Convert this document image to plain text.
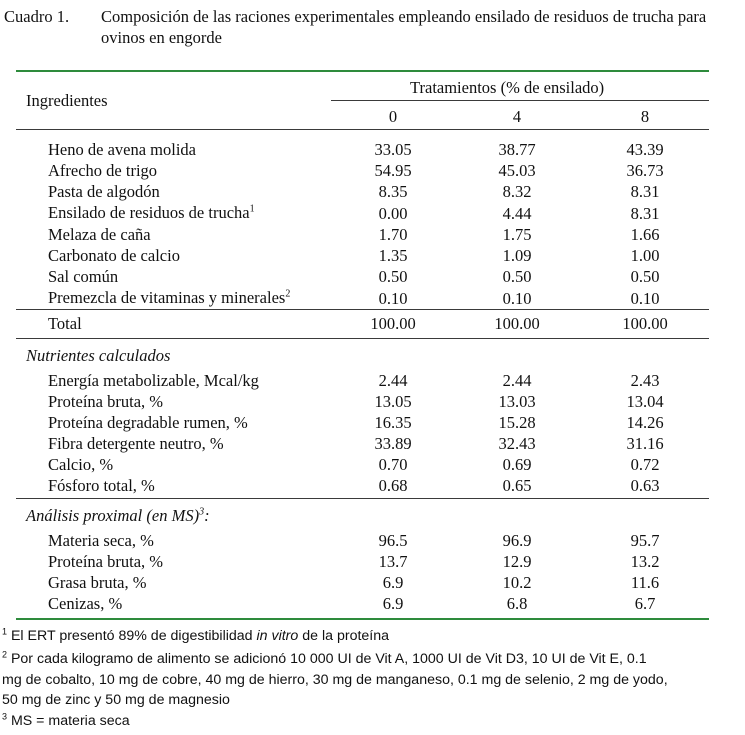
Cuadro 1. Composición de las raciones experimentales empleando ensilado de residuos de trucha para ovinos en engorde
Ingredientes
Tratamientos (% de ensilado)
0	4	8
Heno de avena molida	33.05	38.77	43.39
Afrecho de trigo	54.95	45.03	36.73
Pasta de algodón	8.35	8.32	8.31
Ensilado de residuos de trucha$^1$	0.00	4.44	8.31
Melaza de caña	1.70	1.75	1.66
Carbonato de calcio	1.35	1.09	1.00
Sal común	0.50	0.50	0.50
Premezcla de vitaminas y minerales$^2$	0.10	0.10	0.10
Total	100.00	100.00	100.00
Nutrientes calculados
Energía metabolizable, Mcal/kg	2.44	2.44	2.43
Proteína bruta, %	13.05	13.03	13.04
Proteína degradable rumen, %	16.35	15.28	14.26
Fibra detergente neutro, %	33.89	32.43	31.16
Calcio, %	0.70	0.69	0.72
Fósforo total, %	0.68	0.65	0.63
Análisis proximal (en MS)$^3$:
Materia seca, %	96.5	96.9	95.7
Proteína bruta, %	13.7	12.9	13.2
Grasa bruta, %	6.9	10.2	11.6
Cenizas, %	6.9	6.8	6.7
$^1$ El ERT presentó 89% de digestibilidad in vitro de la proteína
$^2$ Por cada kilogramo de alimento se adicionó 10 000 UI de Vit A, 1000 UI de Vit D3, 10 UI de Vit E, 0.1
mg de cobalto, 10 mg de cobre, 40 mg de hierro, 30 mg de manganeso, 0.1 mg de selenio, 2 mg de yodo,
50 mg de zinc y 50 mg de magnesio
$^3$ MS = materia seca
